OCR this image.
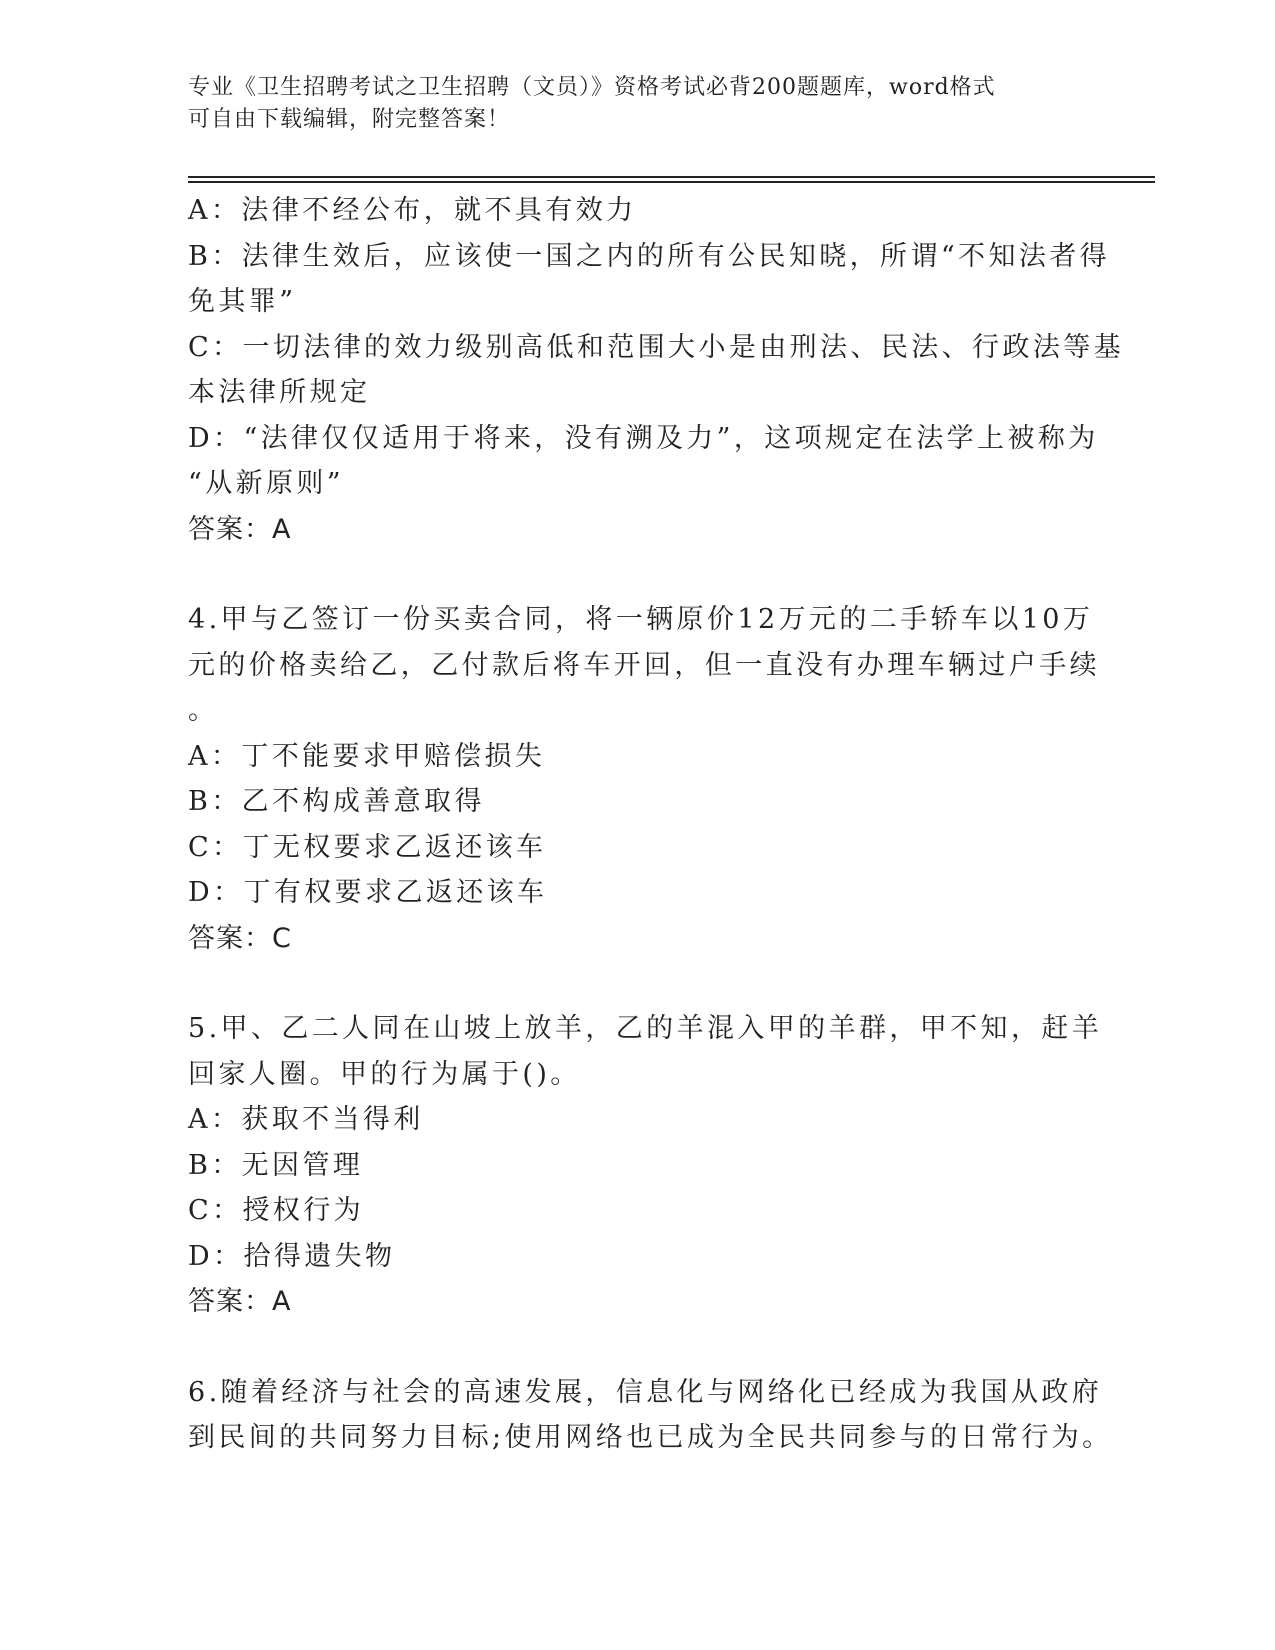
专业《卫生招聘考试之卫生招聘（文员）》资格考试必背200题题库，word格式
可自由下载编辑，附完整答案！
A：法律不经公布，就不具有效力
B：法律生效后，应该使一国之内的所有公民知晓，所谓“不知法者得
免其罪”
C：一切法律的效力级别高低和范围大小是由刑法、民法、行政法等基
本法律所规定
D：“法律仅仅适用于将来，没有溯及力”，这项规定在法学上被称为
“从新原则”
答案：A
4.甲与乙签订一份买卖合同，将一辆原价12万元的二手轿车以10万
元的价格卖给乙，乙付款后将车开回，但一直没有办理车辆过户手续
。
A：丁不能要求甲赔偿损失
B：乙不构成善意取得
C：丁无权要求乙返还该车
D：丁有权要求乙返还该车
答案：C
5.甲、乙二人同在山坡上放羊，乙的羊混入甲的羊群，甲不知，赶羊
回家人圈。甲的行为属于()。
A：获取不当得利
B：无因管理
C：授权行为
D：拾得遗失物
答案：A
6.随着经济与社会的高速发展，信息化与网络化已经成为我国从政府
到民间的共同努力目标;使用网络也已成为全民共同参与的日常行为。
